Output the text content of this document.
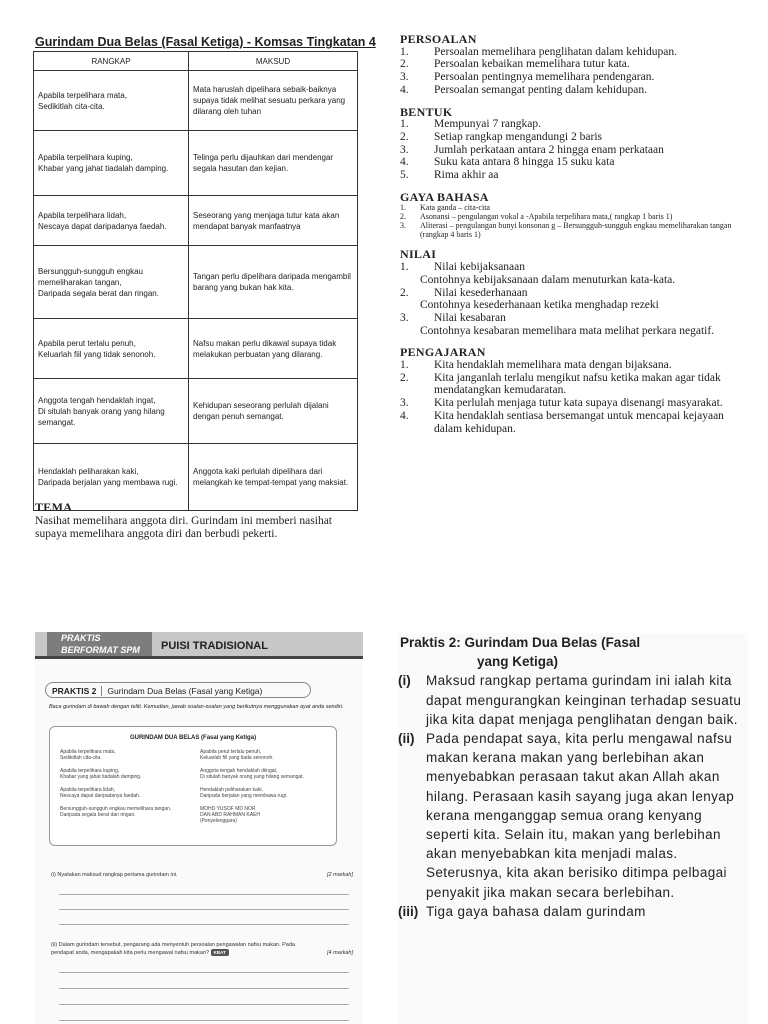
Gurindam Dua Belas (Fasal Ketiga) - Komsas Tingkatan 4
RANGKAP	MAKSUD
Apabila terpelihara mata,
Sedikitlah cita-cita.	Mata haruslah dipelihara sebaik-baiknya supaya tidak melihat sesuatu perkara yang dilarang oleh tuhan
Apabila terpelihara kuping,
Khabar yang jahat tiadalah damping.	Telinga perlu dijauhkan dari mendengar segala hasutan dan kejian.
Apabila terpelihara lidah,
Nescaya dapat daripadanya faedah.	Seseorang yang menjaga tutur kata akan mendapat banyak manfaatnya
Bersungguh-sungguh engkau memeliharakan tangan,
Daripada segala berat dan ringan.	Tangan perlu dipelihara daripada mengambil barang yang bukan hak kita.
Apabila perut terlalu penuh,
Keluarlah fiil yang tidak senonoh.	Nafsu makan perlu dikawal supaya tidak melakukan perbuatan yang dilarang.
Anggota tengah hendaklah ingat,
Di situlah banyak orang yang hilang semangat.	Kehidupan seseorang perlulah dijalani dengan penuh semangat.
Hendaklah peliharakan kaki,
Daripada berjalan yang membawa rugi.	Anggota kaki perlulah dipelihara dari melangkah ke tempat-tempat yang maksiat.
TEMA
Nasihat memelihara anggota diri. Gurindam ini memberi nasihat supaya memelihara anggota diri dan berbudi pekerti.
PERSOALAN
1.	Persoalan memelihara penglihatan dalam kehidupan.
2.	Persoalan kebaikan memelihara tutur kata.
3.	Persoalan pentingnya memelihara pendengaran.
4.	Persoalan semangat penting dalam kehidupan.
BENTUK
1.	Mempunyai 7 rangkap.
2.	Setiap rangkap mengandungi 2 baris
3.	Jumlah perkataan antara 2 hingga enam perkataan
4.	Suku kata antara 8 hingga 15 suku kata
5.	Rima akhir aa
GAYA BAHASA
1.	Kata ganda – cita-cita
2.	Asonansi – pengulangan vokal a -Apabila terpelihara mata,( rangkap 1 baris 1)
3.	Aliterasi – pengulangan bunyi konsonan g – Bersungguh-sungguh engkau memeliharakan tangan (rangkap 4 baris 1)
NILAI
1.	Nilai kebijaksanaan
Contohnya kebijaksanaan dalam menuturkan kata-kata.
2.	Nilai kesederhanaan
Contohnya kesederhanaan ketika menghadap rezeki
3.	Nilai kesabaran
Contohnya kesabaran memelihara mata melihat perkara negatif.
PENGAJARAN
1.	Kita hendaklah memelihara mata dengan bijaksana.
2.	Kita janganlah terlalu mengikut nafsu ketika makan agar tidak mendatangkan kemudaratan.
3.	Kita perlulah menjaga tutur kata supaya disenangi masyarakat.
4.	Kita hendaklah sentiasa bersemangat untuk mencapai kejayaan dalam kehidupan.
PRAKTIS
BERFORMAT SPM	PUISI TRADISIONAL
PRAKTIS 2 Gurindam Dua Belas (Fasal yang Ketiga)
Baca gurindam di bawah dengan teliti. Kemudian, jawab soalan-soalan yang berikutnya menggunakan ayat anda sendiri.
GURINDAM DUA BELAS (Fasal yang Ketiga)
Apabila terpelihara mata,
Sedikitlah cita-cita.

Apabila terpelihara kuping,
Khabar yang jahat tiadalah damping.

Apabila terpelihara lidah,
Nescaya dapat daripadanya faedah.

Bersungguh-sungguh engkau memelihara tangan,
Daripada segala berat dan ringan.
Apabila perut terlalu penuh,
Keluarlah fiil yang tiada senonoh.

Anggota tengah hendaklah diingat,
Di situlah banyak orang yang hilang semangat.

Hendaklah peliharakan kaki,
Daripada berjalan yang membawa rugi.

MOHD YUSOF MD NOR
DAN ABD RAHMAN KAEH
(Penyelenggara)
(i) Nyatakan maksud rangkap pertama gurindam ini.	[2 markah]
(ii) Dalam gurindam tersebut, pengarang ada menyentuh persoalan pengawalan nafsu makan. Pada pendapat anda, mengapakah kita perlu mengawal nafsu makan? KBAT	[4 markah]
Praktis 2: Gurindam Dua Belas (Fasal
yang Ketiga)
(i)	Maksud rangkap pertama gurindam ini ialah kita dapat mengurangkan keinginan terhadap sesuatu jika kita dapat menjaga penglihatan dengan baik.
(ii) Pada pendapat saya, kita perlu mengawal nafsu makan kerana makan yang berlebihan akan menyebabkan perasaan takut akan Allah akan hilang. Perasaan kasih sayang juga akan lenyap kerana menganggap semua orang kenyang seperti kita. Selain itu, makan yang berlebihan akan menyebabkan kita menjadi malas. Seterusnya, kita akan berisiko ditimpa pelbagai penyakit jika makan secara berlebihan.
(iii) Tiga gaya bahasa dalam gurindam
